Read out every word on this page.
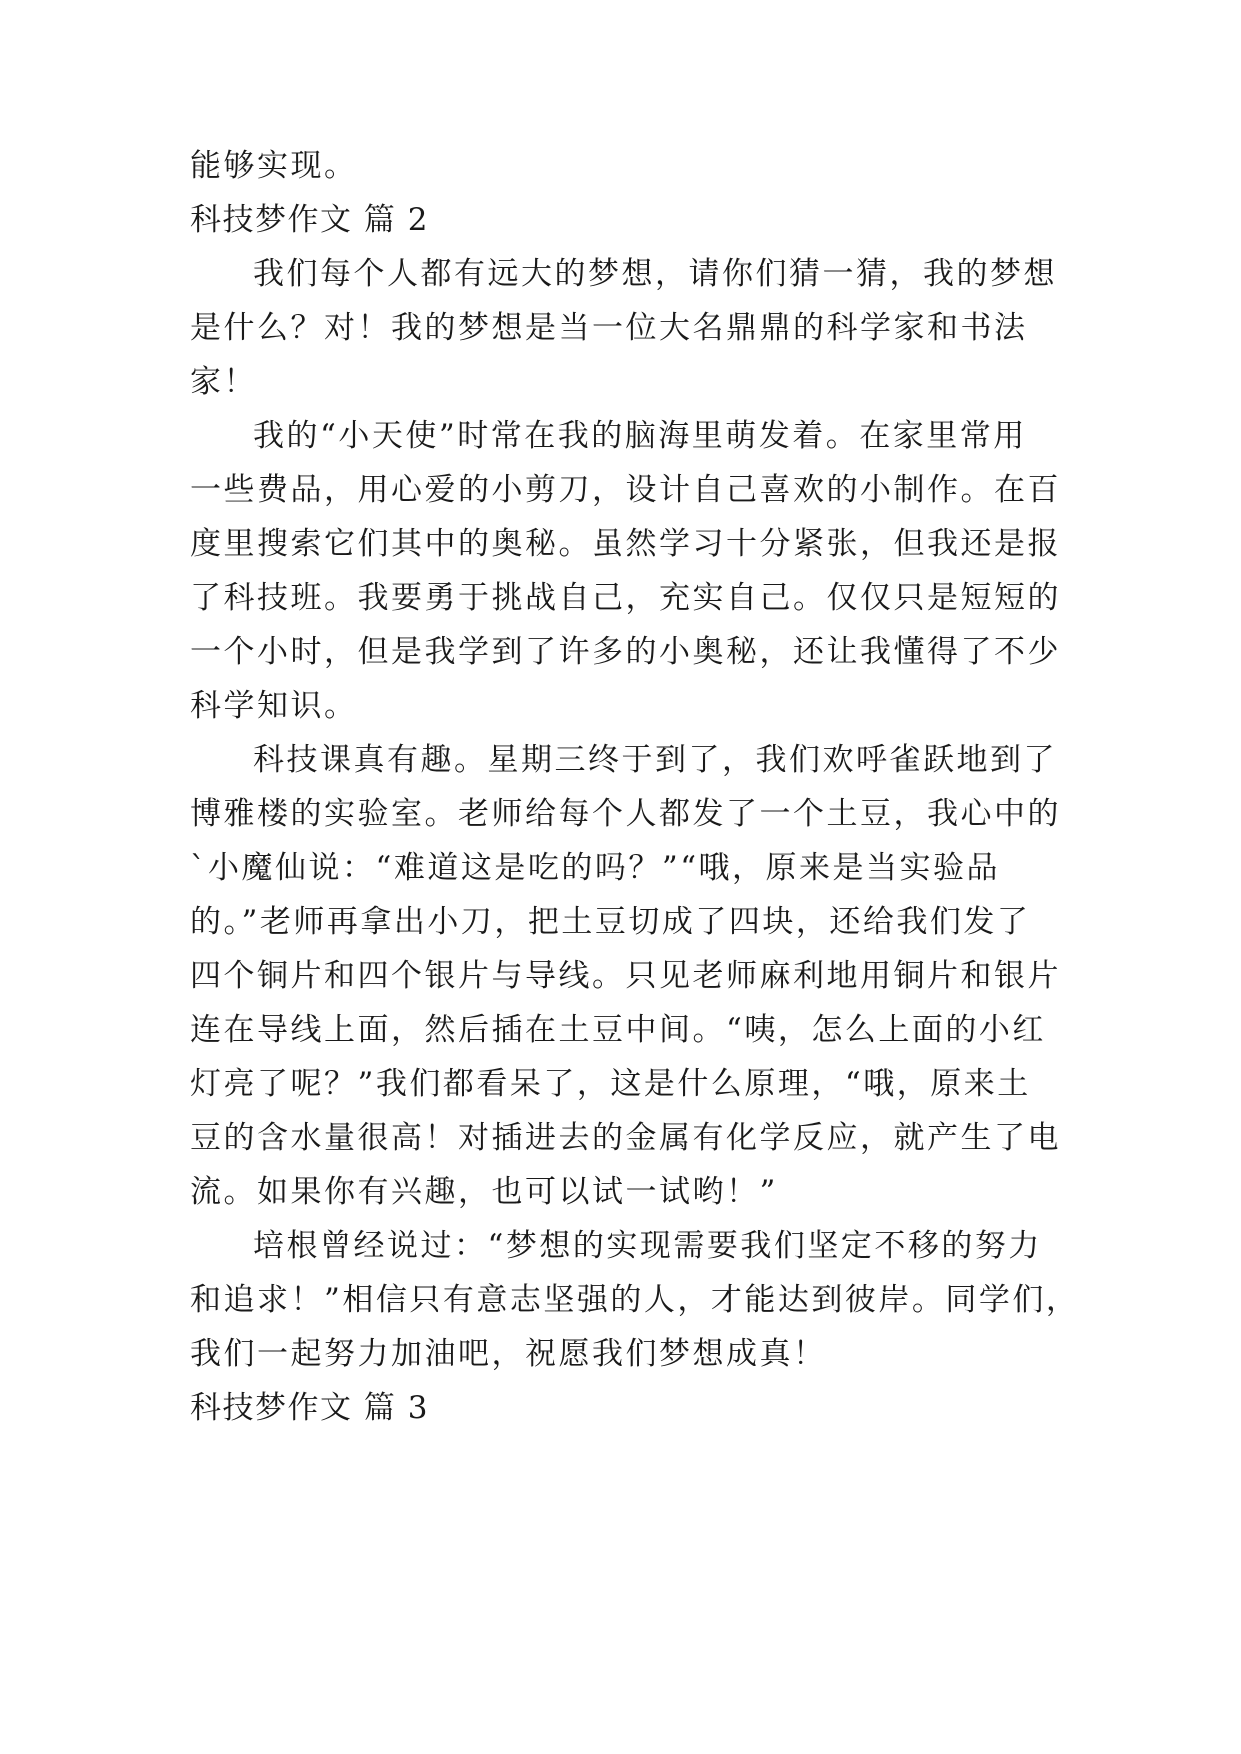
能够实现。

科技梦作文 篇 2

我们每个人都有远大的梦想，请你们猜一猜，我的梦想

是什么？对！我的梦想是当一位大名鼎鼎的科学家和书法

家！

我的“小天使”时常在我的脑海里萌发着。在家里常用

一些费品，用心爱的小剪刀，设计自己喜欢的小制作。在百

度里搜索它们其中的奥秘。虽然学习十分紧张，但我还是报

了科技班。我要勇于挑战自己，充实自己。仅仅只是短短的

一个小时，但是我学到了许多的小奥秘，还让我懂得了不少

科学知识。

科技课真有趣。星期三终于到了，我们欢呼雀跃地到了

博雅楼的实验室。老师给每个人都发了一个土豆，我心中的

`小魔仙说：“难道这是吃的吗？”“哦，原来是当实验品

的。”老师再拿出小刀，把土豆切成了四块，还给我们发了

四个铜片和四个银片与导线。只见老师麻利地用铜片和银片

连在导线上面，然后插在土豆中间。“咦，怎么上面的小红

灯亮了呢？”我们都看呆了，这是什么原理，“哦，原来土

豆的含水量很高！对插进去的金属有化学反应，就产生了电

流。如果你有兴趣，也可以试一试哟！”

培根曾经说过：“梦想的实现需要我们坚定不移的努力

和追求！”相信只有意志坚强的人，才能达到彼岸。同学们，

我们一起努力加油吧，祝愿我们梦想成真！

科技梦作文 篇 3
